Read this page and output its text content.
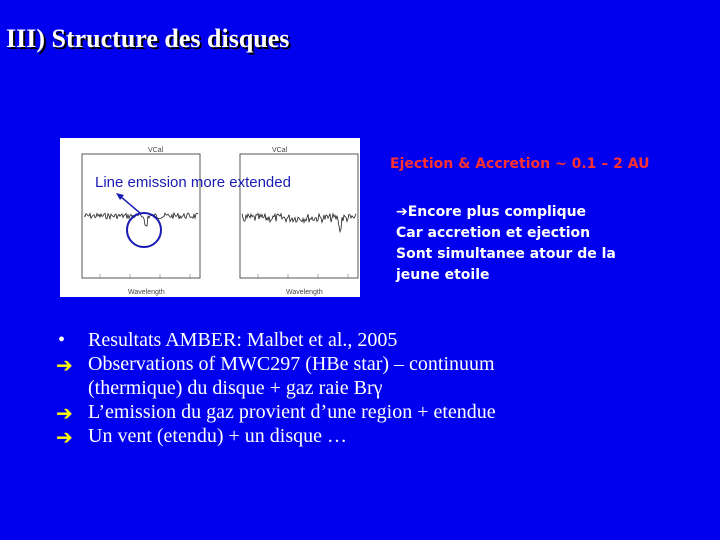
III) Structure des disques
VCal	VCal
Wavelength	Wavelength
Line emission more extended
Ejection & Accretion ~ 0.1 – 2 AU
➔Encore plus complique
Car accretion et ejection
Sont simultanee atour de la
jeune etoile
• Resultats AMBER: Malbet et al., 2005
➔ Observations of MWC297 (HBe star) – continuum
(thermique) du disque + gaz raie Brγ
➔ L’emission du gaz provient d’une region + etendue
➔ Un vent (etendu) + un disque …
